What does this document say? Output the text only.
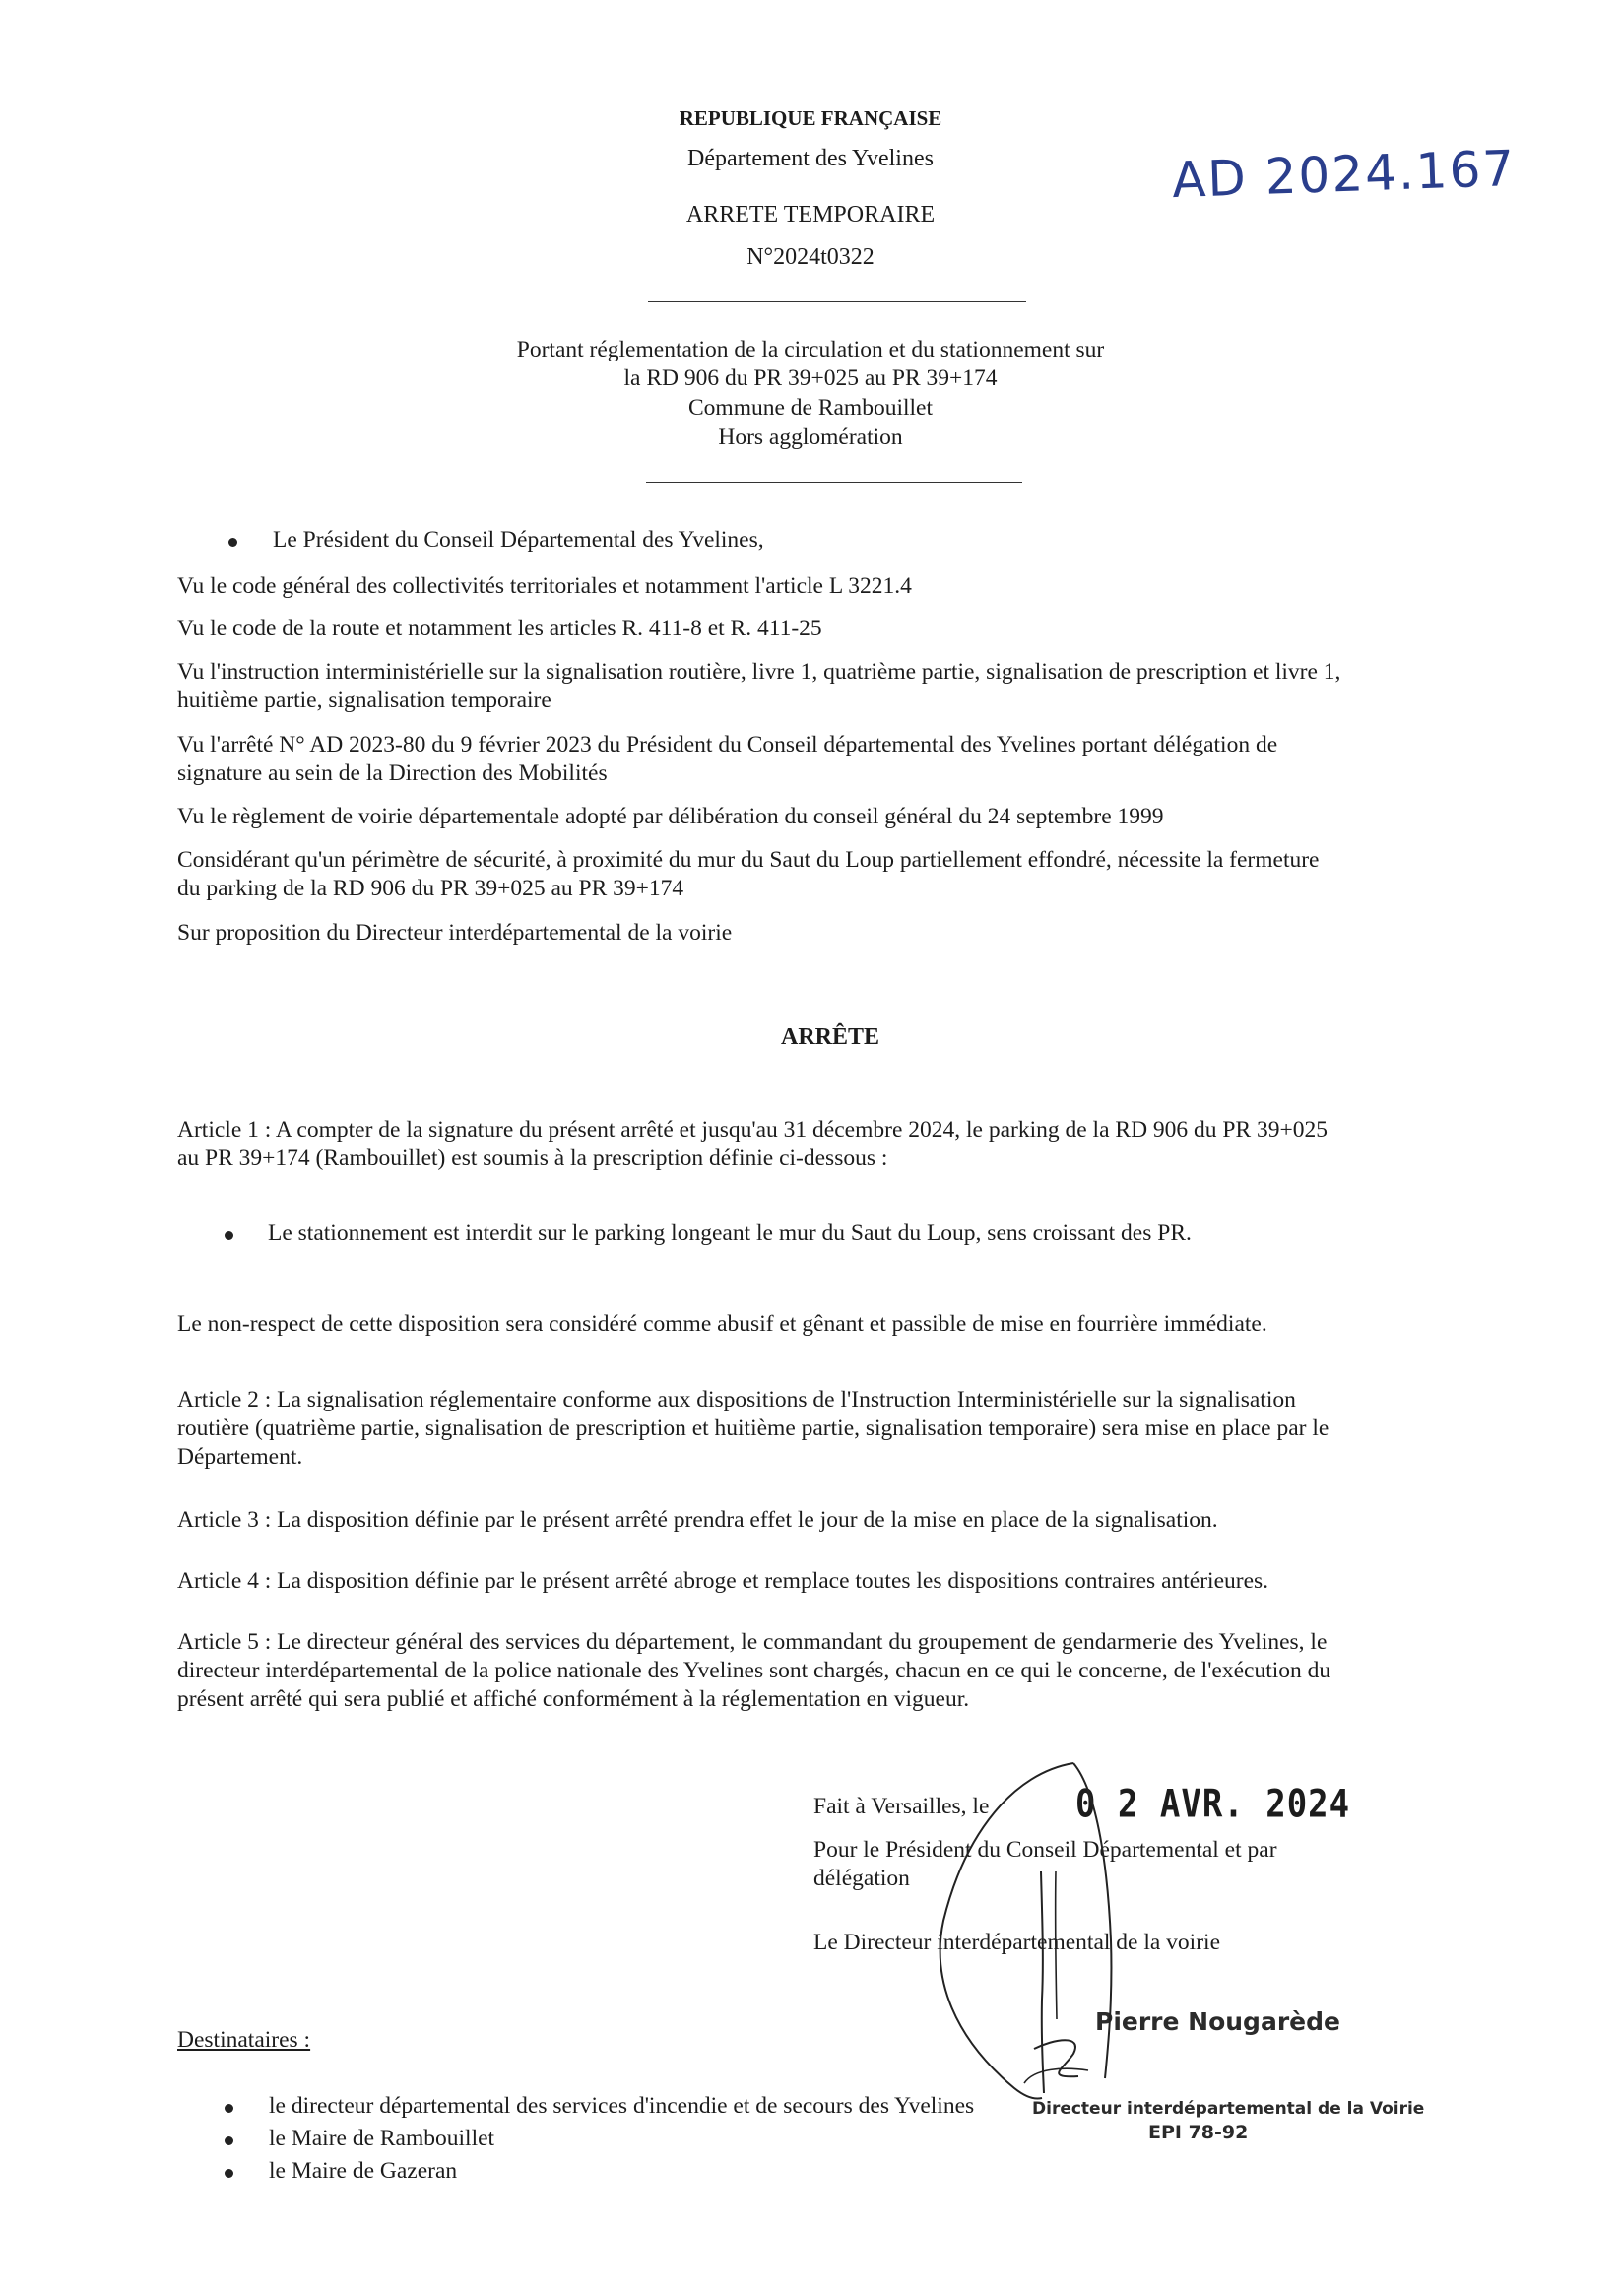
REPUBLIQUE FRANÇAISE
Département des Yvelines
ARRETE TEMPORAIRE
N°2024t0322
AD 2024.167
Portant réglementation de la circulation et du stationnement sur
la RD 906 du PR 39+025 au PR 39+174
Commune de Rambouillet
Hors agglomération
Le Président du Conseil Départemental des Yvelines,
Vu le code général des collectivités territoriales et notamment l'article L 3221.4
Vu le code de la route et notamment les articles R. 411-8 et R. 411-25
Vu l'instruction interministérielle sur la signalisation routière, livre 1, quatrième partie, signalisation de prescription et livre 1,
huitième partie, signalisation temporaire
Vu l'arrêté N° AD 2023-80 du 9 février 2023 du Président du Conseil départemental des Yvelines portant délégation de
signature au sein de la Direction des Mobilités
Vu le règlement de voirie départementale adopté par délibération du conseil général du 24 septembre 1999
Considérant qu'un périmètre de sécurité, à proximité du mur du Saut du Loup partiellement effondré, nécessite la fermeture
du parking de la RD 906 du PR 39+025 au PR 39+174
Sur proposition du Directeur interdépartemental de la voirie
ARRÊTE
Article 1 : A compter de la signature du présent arrêté et jusqu'au 31 décembre 2024, le parking de la RD 906 du PR 39+025
au PR 39+174 (Rambouillet) est soumis à la prescription définie ci-dessous :
Le stationnement est interdit sur le parking longeant le mur du Saut du Loup, sens croissant des PR.
Le non-respect de cette disposition sera considéré comme abusif et gênant et passible de mise en fourrière immédiate.
Article 2 : La signalisation réglementaire conforme aux dispositions de l'Instruction Interministérielle sur la signalisation
routière (quatrième partie, signalisation de prescription et huitième partie, signalisation temporaire) sera mise en place par le
Département.
Article 3 : La disposition définie par le présent arrêté prendra effet le jour de la mise en place de la signalisation.
Article 4 : La disposition définie par le présent arrêté abroge et remplace toutes les dispositions contraires antérieures.
Article 5 : Le directeur général des services du département, le commandant du groupement de gendarmerie des Yvelines, le
directeur interdépartemental de la police nationale des Yvelines sont chargés, chacun en ce qui le concerne, de l'exécution du
présent arrêté qui sera publié et affiché conformément à la réglementation en vigueur.
Fait à Versailles, le	0 2 AVR. 2024
Pour le Président du Conseil Départemental et par
délégation
Le Directeur interdépartemental de la voirie
Pierre Nougarède
Directeur interdépartemental de la Voirie
EPI 78-92
Destinataires :
le directeur départemental des services d'incendie et de secours des Yvelines
le Maire de Rambouillet
le Maire de Gazeran
